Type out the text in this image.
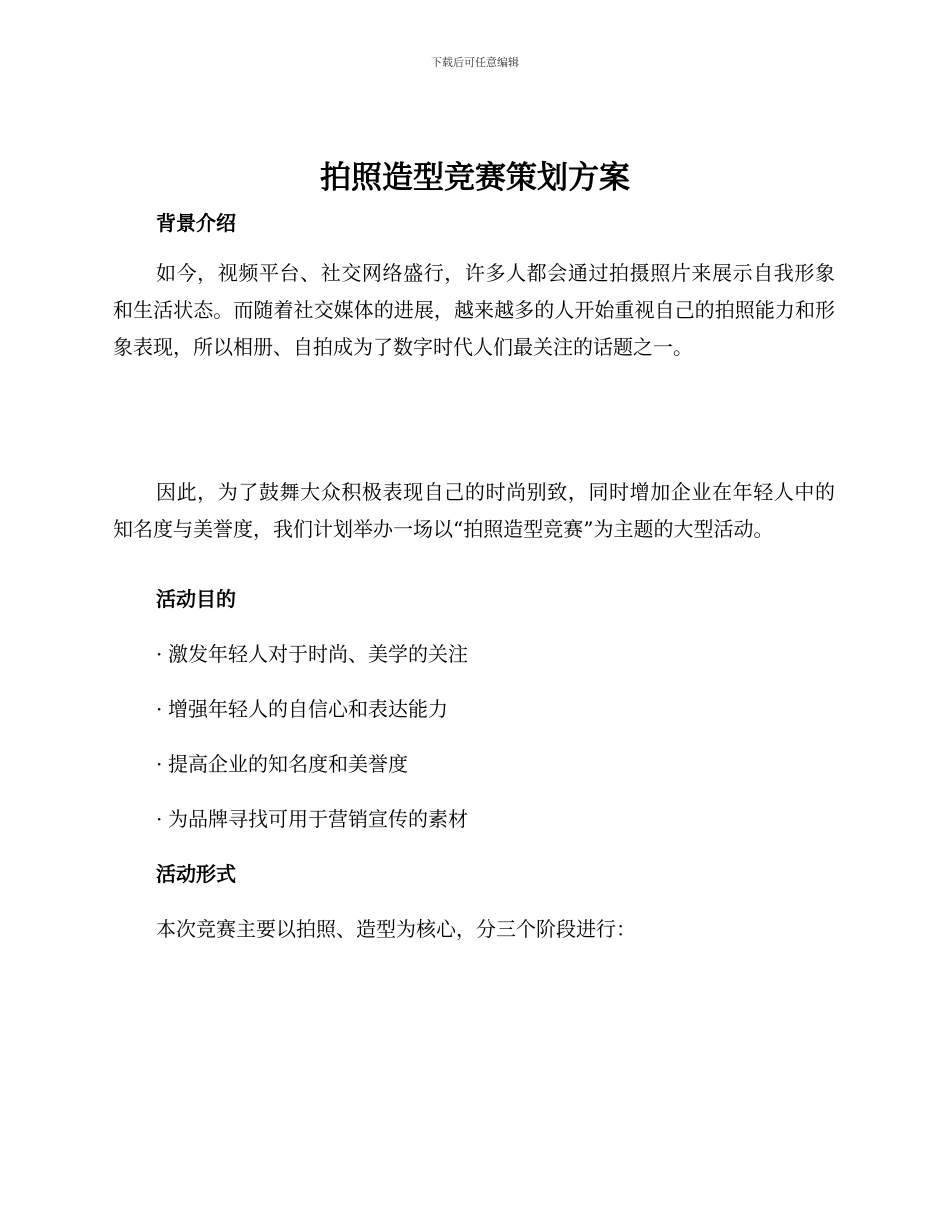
下载后可任意编辑
拍照造型竞赛策划方案
背景介绍

如今，视频平台、社交网络盛行，许多人都会通过拍摄照片来展示自我形象和生活状态。而随着社交媒体的进展，越来越多的人开始重视自己的拍照能力和形象表现，所以相册、自拍成为了数字时代人们最关注的话题之一。

因此，为了鼓舞大众积极表现自己的时尚别致，同时增加企业在年轻人中的知名度与美誉度，我们计划举办一场以“拍照造型竞赛”为主题的大型活动。

活动目的
· 激发年轻人对于时尚、美学的关注
· 增强年轻人的自信心和表达能力
· 提高企业的知名度和美誉度
· 为品牌寻找可用于营销宣传的素材
活动形式
本次竞赛主要以拍照、造型为核心，分三个阶段进行：
